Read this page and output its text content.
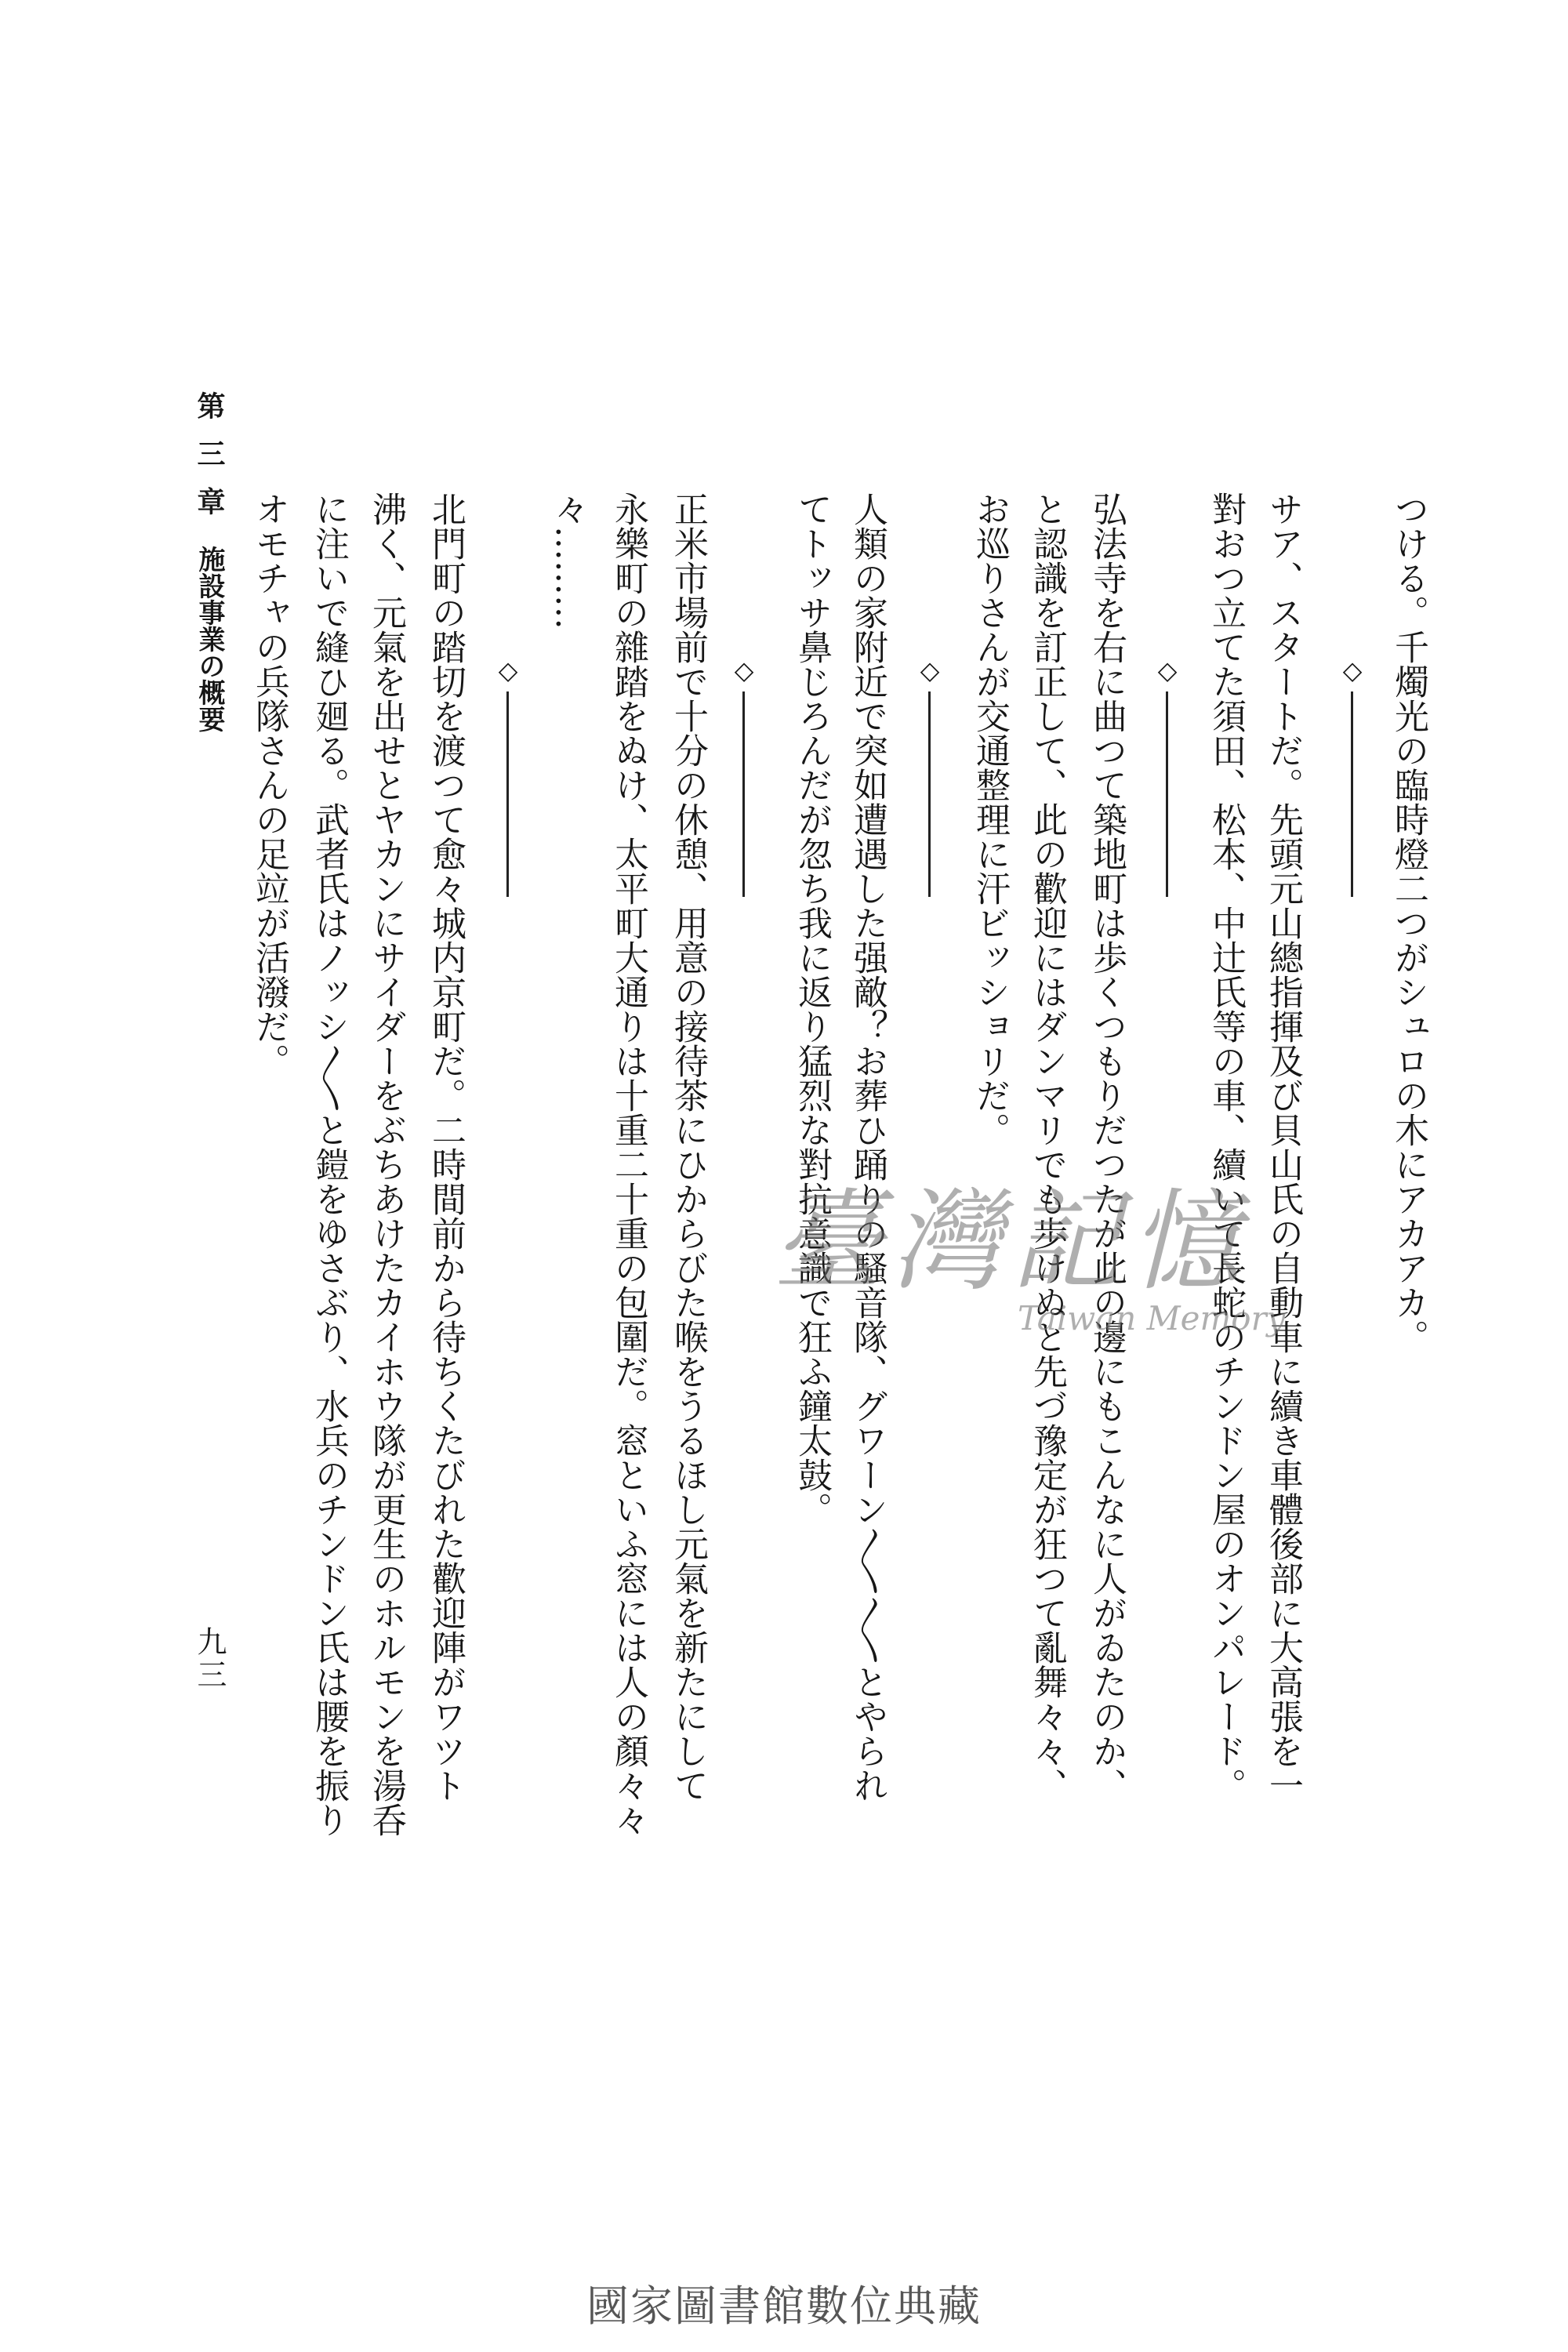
つける。千燭光の臨時燈二つがシュロの木にアカアカ。
◇
サア、スタートだ。先頭元山總指揮及び貝山氏の自動車に續き車體後部に大高張を一
對おつ立てた須田、松本、中辻氏等の車、續いて長蛇のチンドン屋のオンパレード。
◇
弘法寺を右に曲つて築地町は歩くつもりだつたが此の邊にもこんなに人がゐたのか、
と認識を訂正して、此の歡迎にはダンマリでも歩けぬと先づ豫定が狂つて亂舞々々、
お巡りさんが交通整理に汗ビッショリだ。
◇
人類の家附近で突如遭遇した强敵？お葬ひ踊りの騷音隊、グワーン〳〵〳〵とやられ
てトッサ鼻じろんだが忽ち我に返り猛烈な對抗意識で狂ふ鐘太鼓。
◇
正米市場前で十分の休憩、用意の接待茶にひからびた喉をうるほし元氣を新たにして
永樂町の雜踏をぬけ、太平町大通りは十重二十重の包圍だ。窓といふ窓には人の顏々々
々………
◇
北門町の踏切を渡つて愈々城内京町だ。二時間前から待ちくたびれた歡迎陣がワツト
沸く、元氣を出せとヤカンにサイダーをぶちあけたカイホウ隊が更生のホルモンを湯呑
に注いで縫ひ廻る。武者氏はノッシ〳〵と鎧をゆさぶり、水兵のチンドン氏は腰を振り
オモチャの兵隊さんの足竝が活潑だ。
第三章
施設事業の概要
九三
臺灣記憶
Taiwan Memory
國家圖書館數位典藏
